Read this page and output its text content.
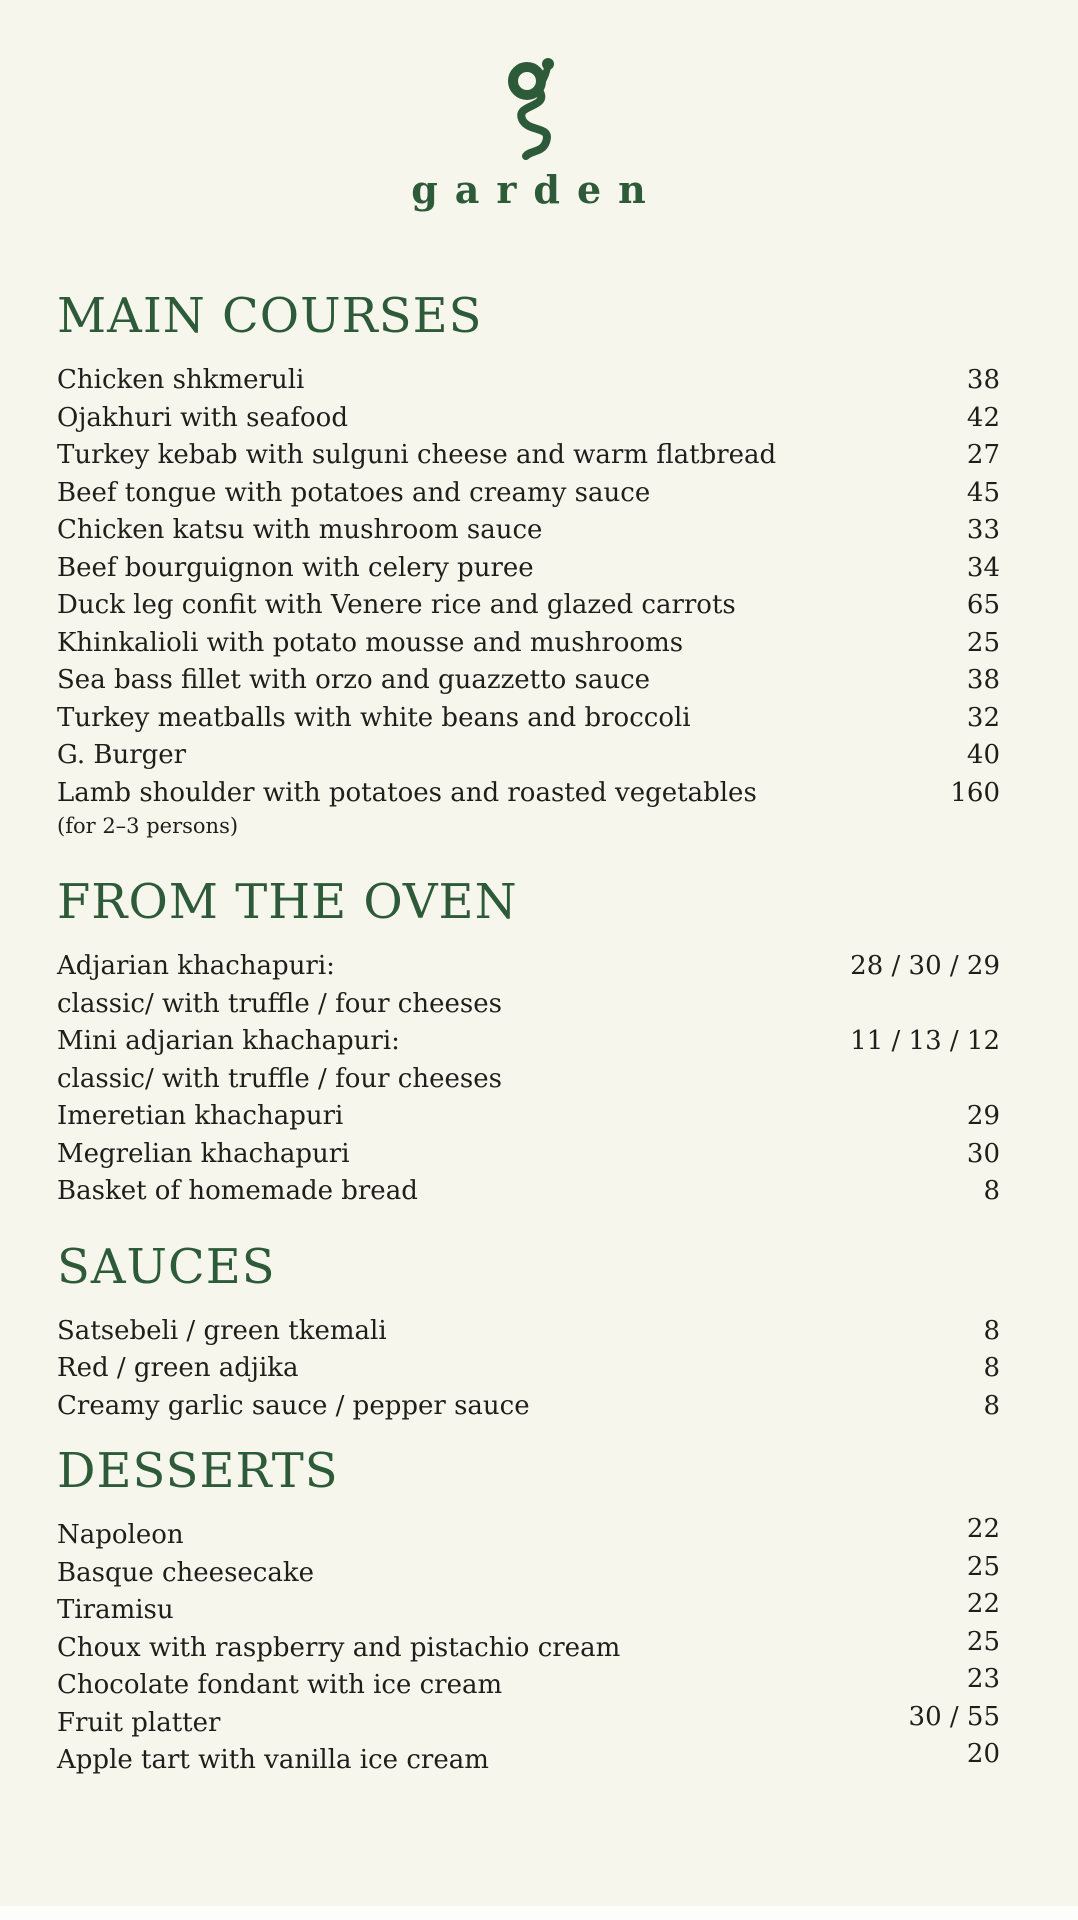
garden
MAIN COURSES
Chicken shkmeruli	38
Ojakhuri with seafood	42
Turkey kebab with sulguni cheese and warm flatbread	27
Beef tongue with potatoes and creamy sauce	45
Chicken katsu with mushroom sauce	33
Beef bourguignon with celery puree	34
Duck leg confit with Venere rice and glazed carrots	65
Khinkalioli with potato mousse and mushrooms	25
Sea bass fillet with orzo and guazzetto sauce	38
Turkey meatballs with white beans and broccoli	32
G. Burger	40
Lamb shoulder with potatoes and roasted vegetables	160
(for 2–3 persons)
FROM THE OVEN
Adjarian khachapuri:	28 / 30 / 29
classic/ with truffle / four cheeses
Mini adjarian khachapuri:	11 / 13 / 12
classic/ with truffle / four cheeses
Imeretian khachapuri	29
Megrelian khachapuri	30
Basket of homemade bread	8
SAUCES
Satsebeli / green tkemali	8
Red / green adjika	8
Creamy garlic sauce / pepper sauce	8
DESSERTS
Napoleon	22
Basque cheesecake	25
Tiramisu	22
Choux with raspberry and pistachio cream	25
Chocolate fondant with ice cream	23
Fruit platter	30 / 55
Apple tart with vanilla ice cream	20
